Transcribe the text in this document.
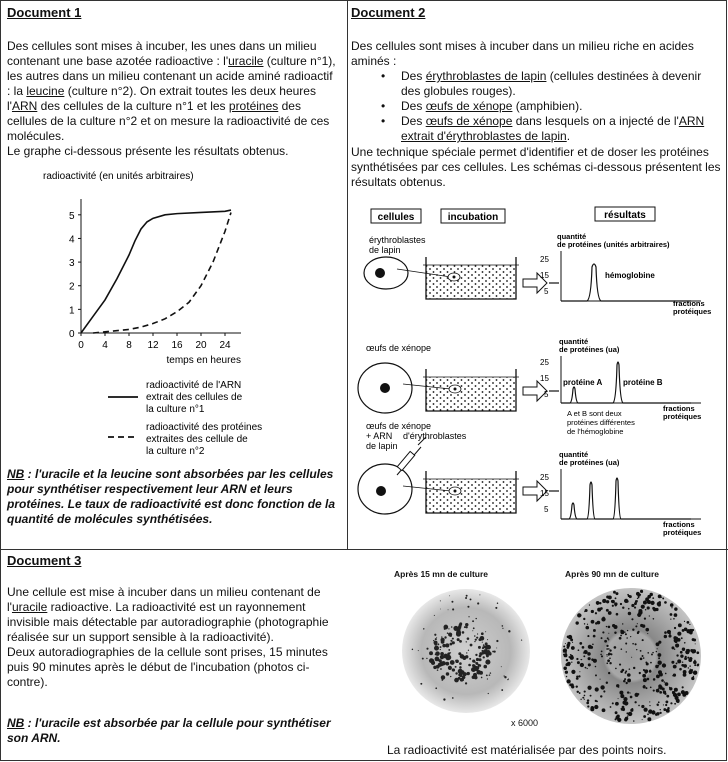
Document 1

Des cellules sont mises à incuber, les unes dans un milieu contenant une base azotée radioactive : l'uracile (culture n°1), les autres dans un milieu contenant un acide aminé radioactif : la leucine (culture n°2). On extrait toutes les deux heures l'ARN des cellules de la culture n°1 et les protéines des cellules de la culture n°2 et on mesure la radioactivité de ces molécules.
Le graphe ci-dessous présente les résultats obtenus.

radioactivité (en unités arbitraires)
0
1
2
3
4
5
0 4 8 12 16 20 24
temps en heures
radioactivité de l'ARN
extrait des cellules de
la culture n°1
radioactivité des protéines
extraites des cellule de
la culture n°2

NB : l'uracile et la leucine sont absorbées par les cellules pour synthétiser respectivement leur ARN et leurs protéines. Le taux de radioactivité est donc fonction de la quantité de molécules synthétisées.

Document 2

Des cellules sont mises à incuber dans un milieu riche en acides aminés :

• Des érythroblastes de lapin (cellules destinées à devenir des globules rouges).
• Des œufs de xénope (amphibien).
• Des œufs de xénope dans lesquels on a injecté de l'ARN extrait d'érythroblastes de lapin.

Une technique spéciale permet d'identifier et de doser les protéines synthétisées par ces cellules. Les schémas ci-dessous présentent les résultats obtenus.

cellules	incubation	résultats
érythroblastes
de lapin
quantité
de protéines (unités arbitraires)
25
15
5
hémoglobine
fractions
protéiques
œufs de xénope
quantité
de protéines (ua)
25
15
5
protéine A	protéine B
A et B sont deux
protéines différentes
de l'hémoglobine
fractions
protéiques
œufs de xénope
+ ARN
de lapin
d'érythroblastes
quantité
de protéines (ua)
25
15
5
fractions
protéiques
Document 3

Une cellule est mise à incuber dans un milieu contenant de l'uracile radioactive. La radioactivité est un rayonnement invisible mais détectable par autoradiographie (photographie réalisée sur un support sensible à la radioactivité).
Deux autoradiographies de la cellule sont prises, 15 minutes puis 90 minutes après le début de l'incubation (photos ci-contre).

NB : l'uracile est absorbée par la cellule pour synthétiser son ARN.

Après 15 mn de culture	Après 90 mn de culture
x 6000
La radioactivité est matérialisée par des points noirs.
